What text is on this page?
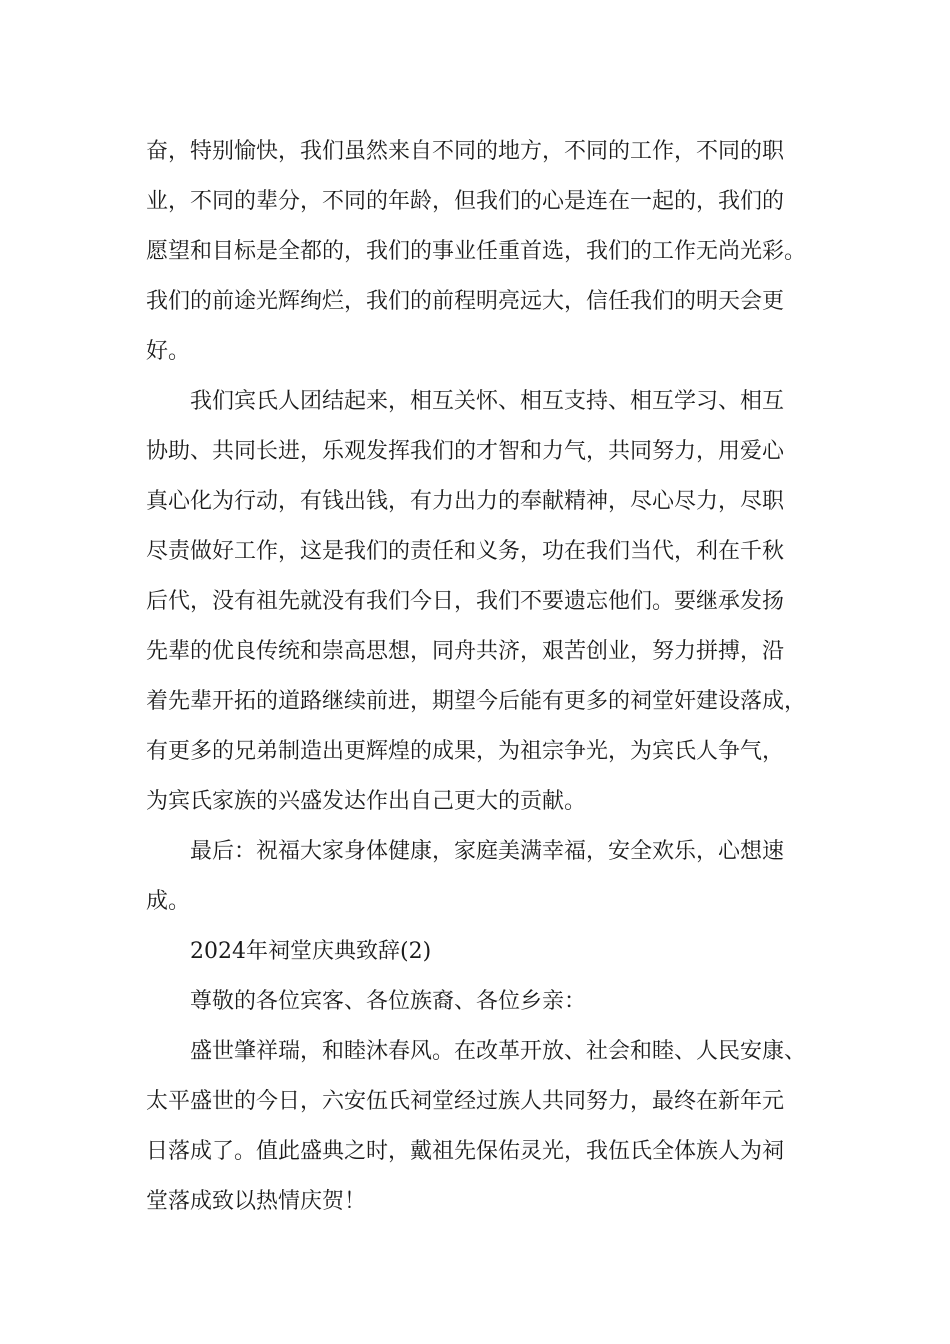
奋，特别愉快，我们虽然来自不同的地方，不同的工作，不同的职
业，不同的辈分，不同的年龄，但我们的心是连在一起的，我们的
愿望和目标是全都的，我们的事业任重首选，我们的工作无尚光彩。
我们的前途光辉绚烂，我们的前程明亮远大，信任我们的明天会更
好。
我们宾氏人团结起来，相互关怀、相互支持、相互学习、相互
协助、共同长进，乐观发挥我们的才智和力气，共同努力，用爱心
真心化为行动，有钱出钱，有力出力的奉献精神，尽心尽力，尽职
尽责做好工作，这是我们的责任和义务，功在我们当代，利在千秋
后代，没有祖先就没有我们今日，我们不要遗忘他们。要继承发扬
先辈的优良传统和崇高思想，同舟共济，艰苦创业，努力拼搏，沿
着先辈开拓的道路继续前进，期望今后能有更多的祠堂奸建设落成，
有更多的兄弟制造出更辉煌的成果，为祖宗争光，为宾氏人争气，
为宾氏家族的兴盛发达作出自己更大的贡献。
最后：祝福大家身体健康，家庭美满幸福，安全欢乐，心想速
成。
2024年祠堂庆典致辞(2)
尊敬的各位宾客、各位族裔、各位乡亲：
盛世肇祥瑞，和睦沐春风。在改革开放、社会和睦、人民安康、
太平盛世的今日，六安伍氏祠堂经过族人共同努力，最终在新年元
日落成了。值此盛典之时，戴祖先保佑灵光，我伍氏全体族人为祠
堂落成致以热情庆贺！
